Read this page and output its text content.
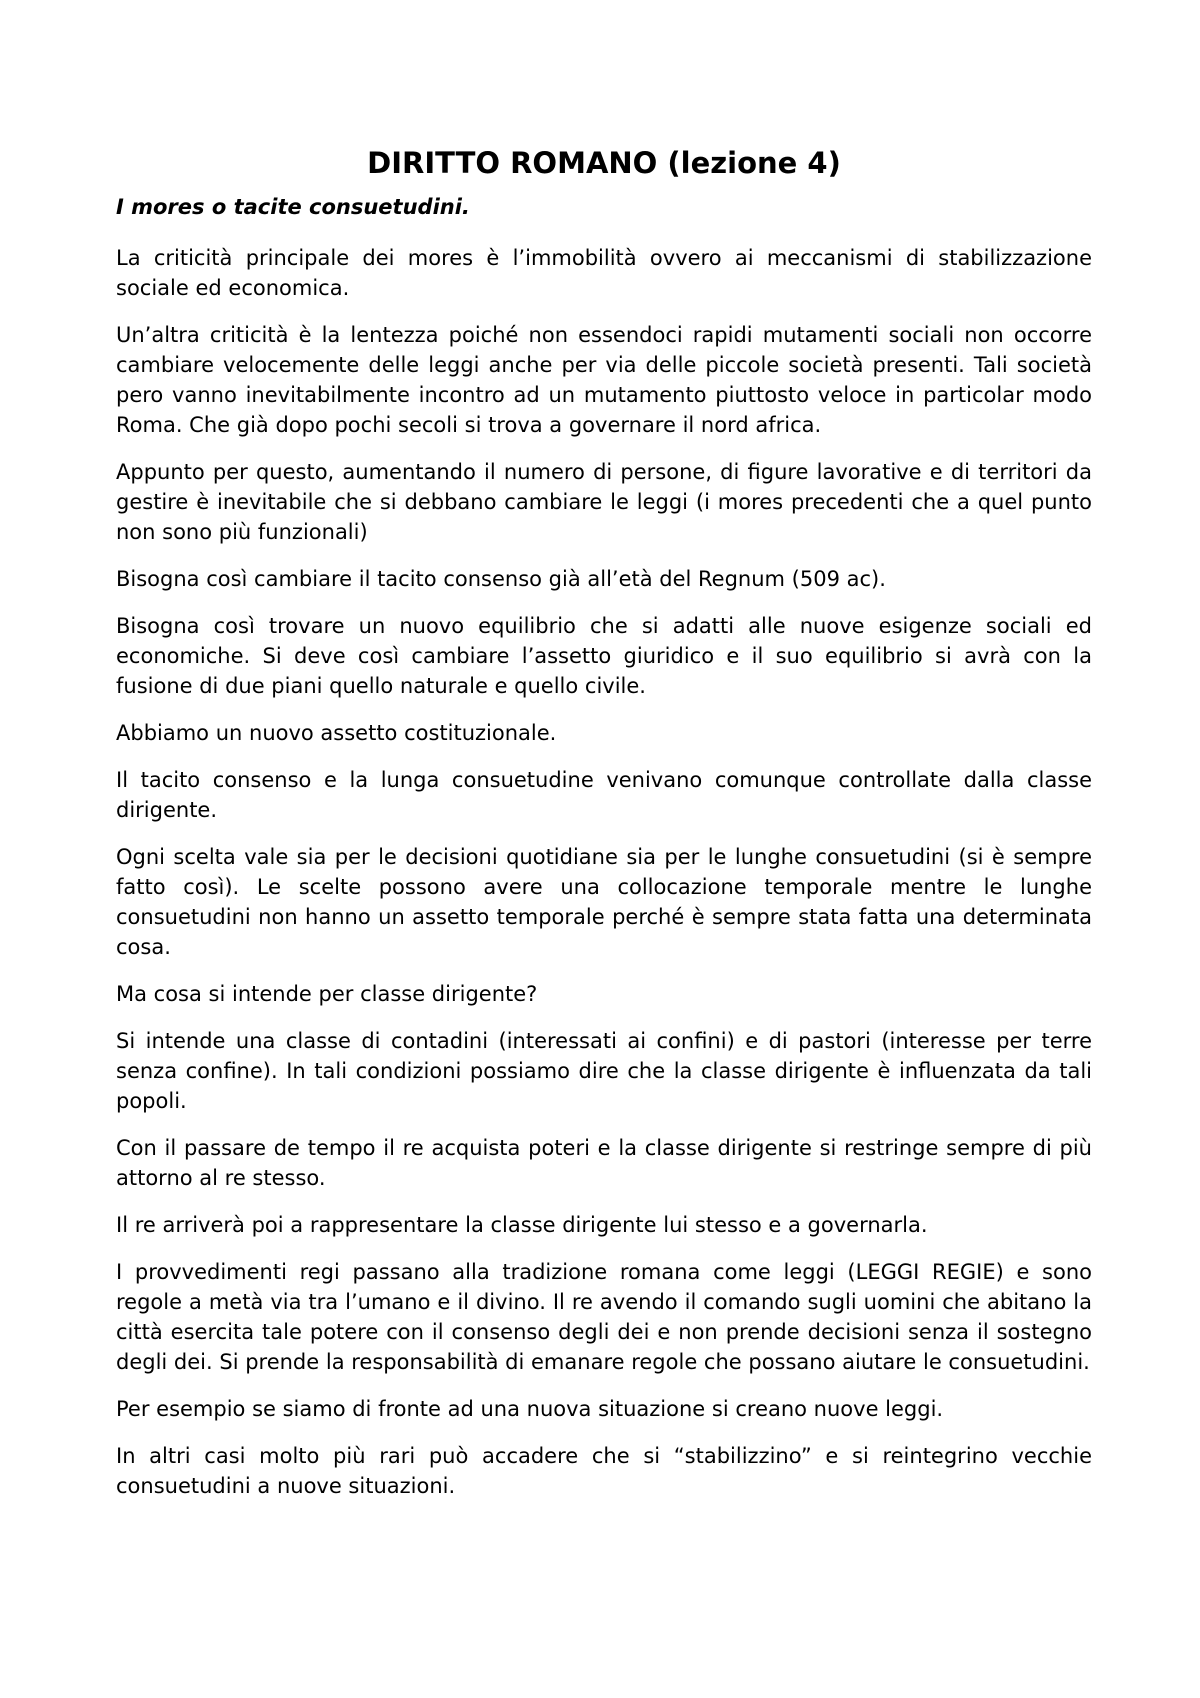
DIRITTO ROMANO (lezione 4)

I mores o tacite consuetudini.

La criticità principale dei mores è l’immobilità ovvero ai meccanismi di stabilizzazione sociale ed economica.

Un’altra criticità è la lentezza poiché non essendoci rapidi mutamenti sociali non occorre cambiare velocemente delle leggi anche per via delle piccole società presenti. Tali società pero vanno inevitabilmente incontro ad un mutamento piuttosto veloce in particolar modo Roma. Che già dopo pochi secoli si trova a governare il nord africa.

Appunto per questo, aumentando il numero di persone, di figure lavorative e di territori da gestire è inevitabile che si debbano cambiare le leggi (i mores precedenti che a quel punto non sono più funzionali)

Bisogna così cambiare il tacito consenso già all’età del Regnum (509 ac).

Bisogna così trovare un nuovo equilibrio che si adatti alle nuove esigenze sociali ed economiche. Si deve così cambiare l’assetto giuridico e il suo equilibrio si avrà con la fusione di due piani quello naturale e quello civile.

Abbiamo un nuovo assetto costituzionale.

Il tacito consenso e la lunga consuetudine venivano comunque controllate dalla classe dirigente.

Ogni scelta vale sia per le decisioni quotidiane sia per le lunghe consuetudini (si è sempre fatto così). Le scelte possono avere una collocazione temporale mentre le lunghe consuetudini non hanno un assetto temporale perché è sempre stata fatta una determinata cosa.

Ma cosa si intende per classe dirigente?

Si intende una classe di contadini (interessati ai confini) e di pastori (interesse per terre senza confine). In tali condizioni possiamo dire che la classe dirigente è influenzata da tali popoli.

Con il passare de tempo il re acquista poteri e la classe dirigente si restringe sempre di più attorno al re stesso.

Il re arriverà poi a rappresentare la classe dirigente lui stesso e a governarla.

I provvedimenti regi passano alla tradizione romana come leggi (LEGGI REGIE) e sono regole a metà via tra l’umano e il divino. Il re avendo il comando sugli uomini che abitano la città esercita tale potere con il consenso degli dei e non prende decisioni senza il sostegno degli dei. Si prende la responsabilità di emanare regole che possano aiutare le consuetudini.

Per esempio se siamo di fronte ad una nuova situazione si creano nuove leggi.

In altri casi molto più rari può accadere che si “stabilizzino” e si reintegrino vecchie consuetudini a nuove situazioni.
